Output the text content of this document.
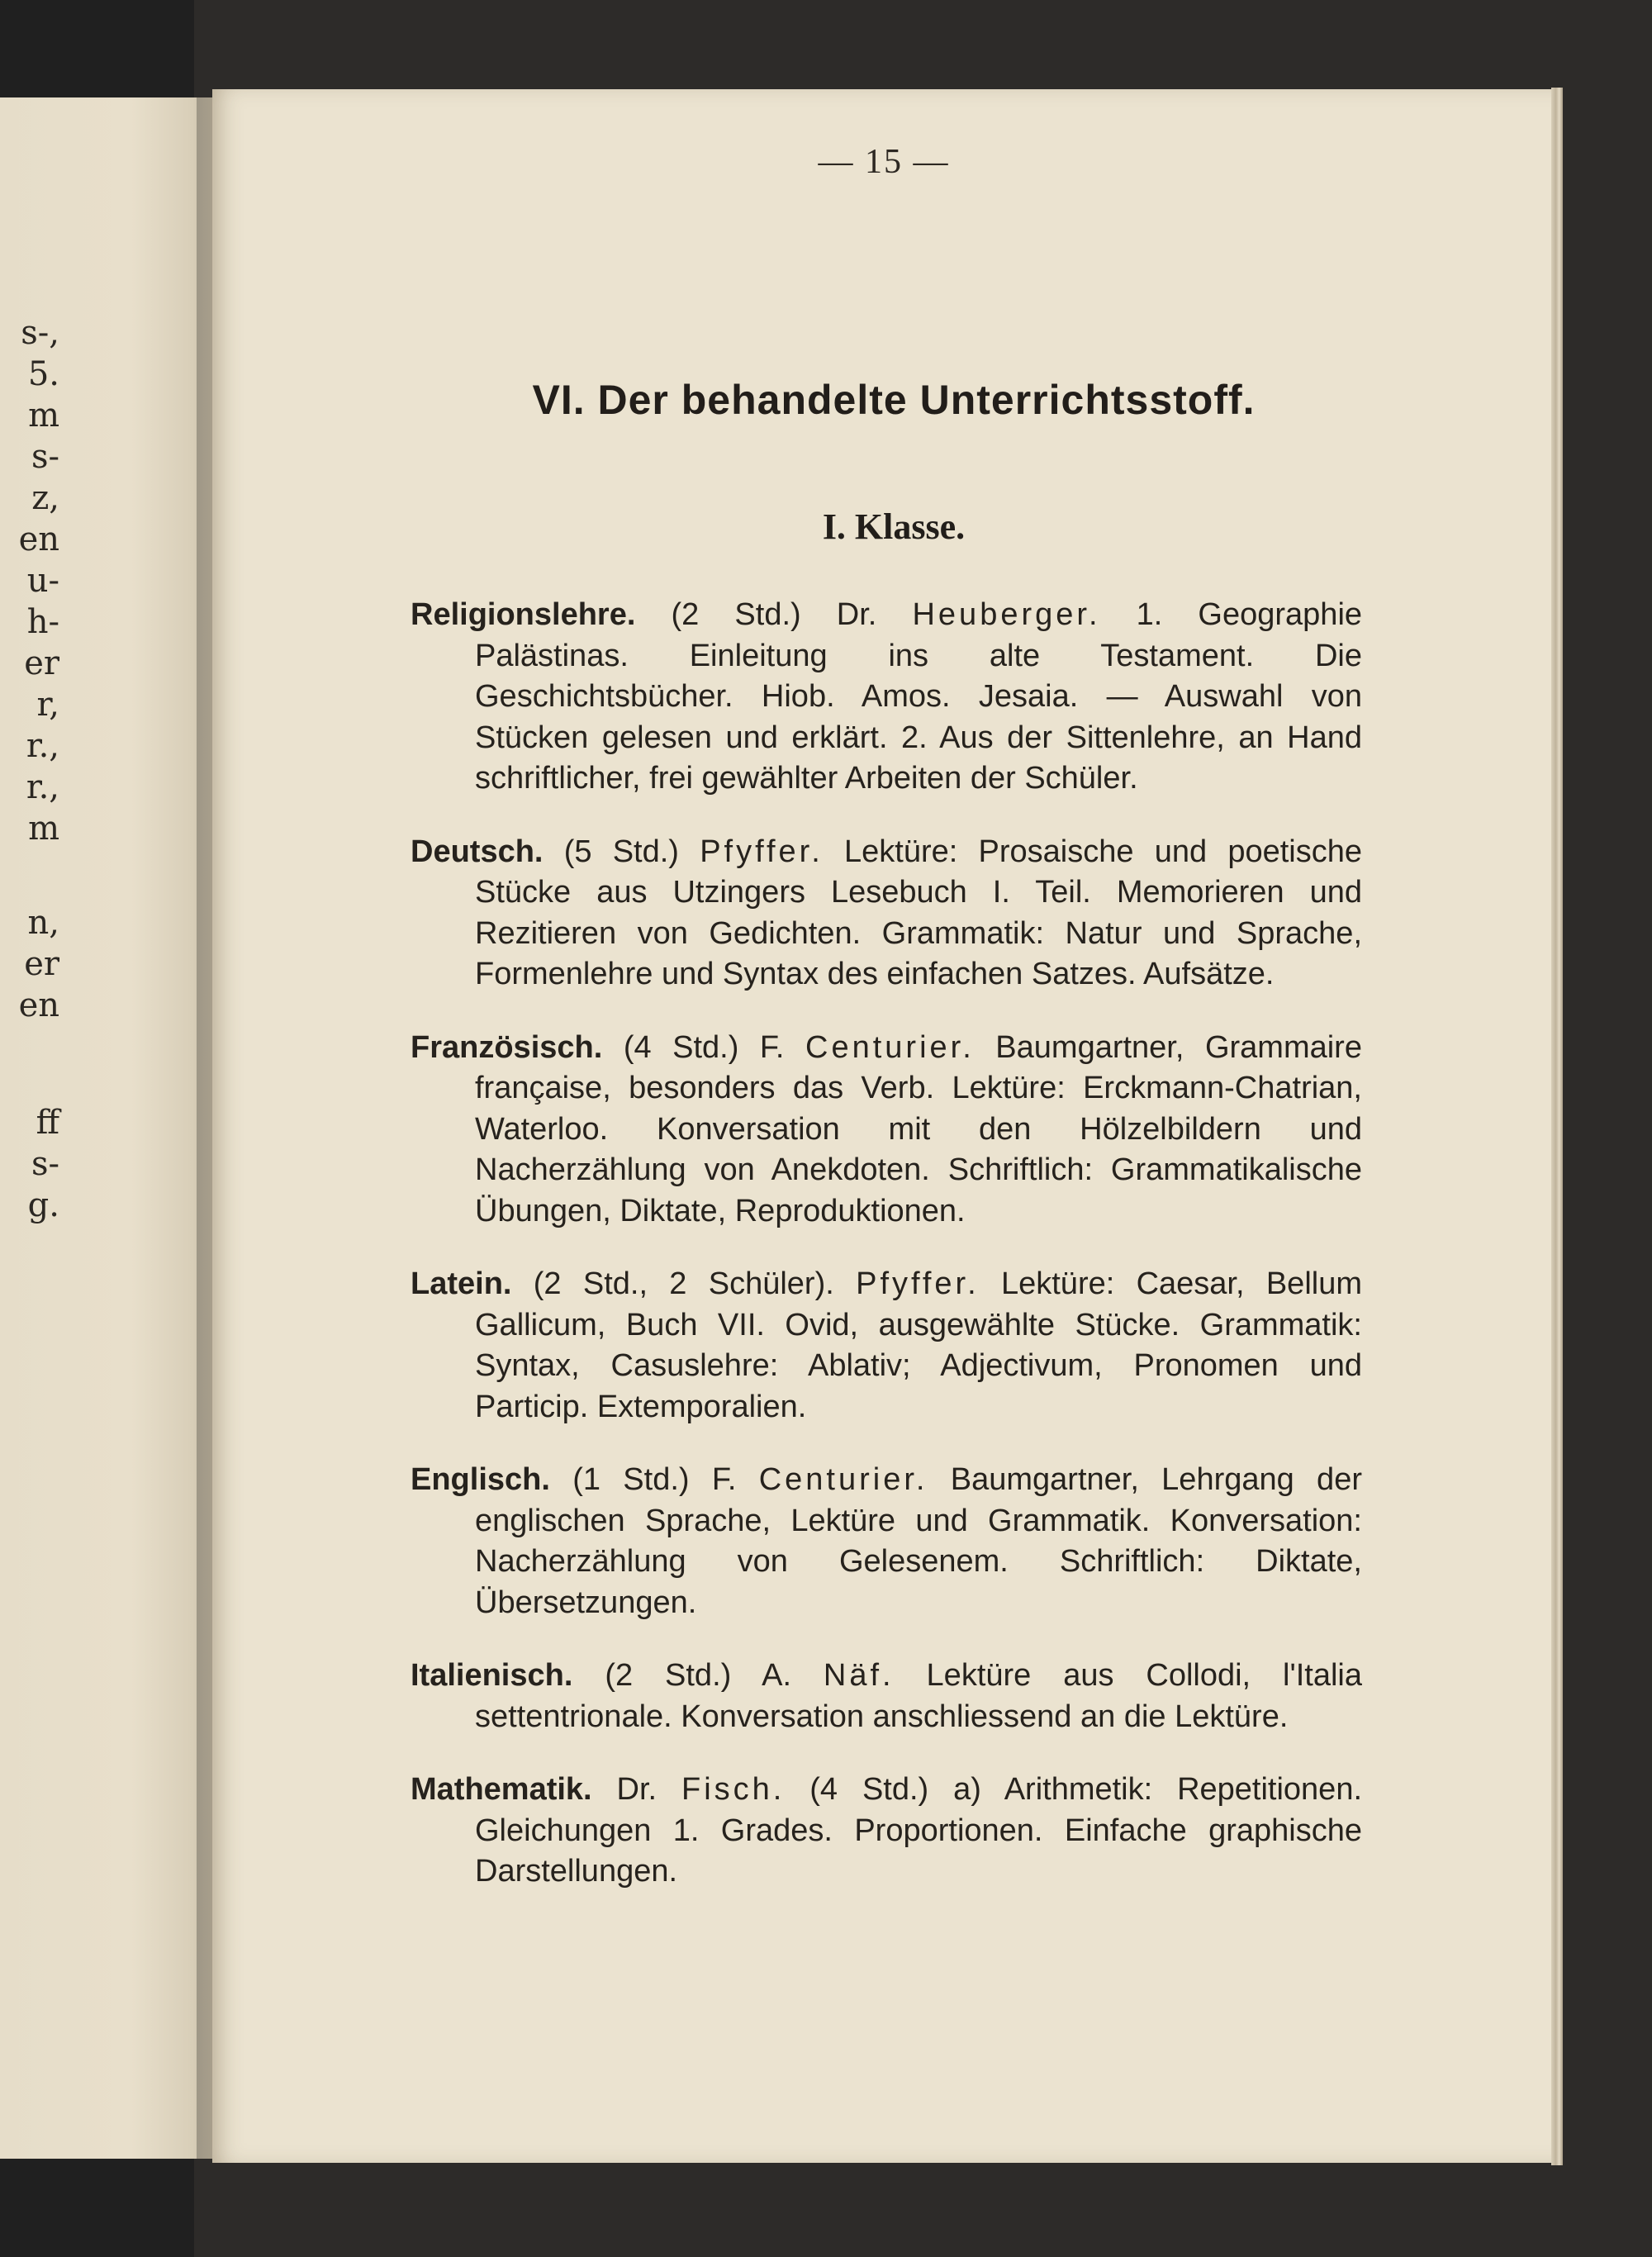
s-,
5.
m
s-
z,
en
u-
h-
er
r,
r.,
r.,
m
n,
er
en
ff
s-
g.
— 15 —
VI. Der behandelte Unterrichtsstoff.
I. Klasse.

Religionslehre. (2 Std.) Dr. Heuberger. 1. Geographie Palästinas. Einleitung ins alte Testament. Die Geschichtsbücher. Hiob. Amos. Jesaia. — Auswahl von Stücken gelesen und erklärt. 2. Aus der Sittenlehre, an Hand schriftlicher, frei gewählter Arbeiten der Schüler.

Deutsch. (5 Std.) Pfyffer. Lektüre: Prosaische und poetische Stücke aus Utzingers Lesebuch I. Teil. Memorieren und Rezitieren von Gedichten. Grammatik: Natur und Sprache, Formenlehre und Syntax des einfachen Satzes. Aufsätze.

Französisch. (4 Std.) F. Centurier. Baumgartner, Grammaire française, besonders das Verb. Lektüre: Erckmann-Chatrian, Waterloo. Konversation mit den Hölzelbildern und Nacherzählung von Anekdoten. Schriftlich: Grammatikalische Übungen, Diktate, Reproduktionen.

Latein. (2 Std., 2 Schüler). Pfyffer. Lektüre: Caesar, Bellum Gallicum, Buch VII. Ovid, ausgewählte Stücke. Grammatik: Syntax, Casuslehre: Ablativ; Adjectivum, Pronomen und Particip. Extemporalien.

Englisch. (1 Std.) F. Centurier. Baumgartner, Lehrgang der englischen Sprache, Lektüre und Grammatik. Konversation: Nacherzählung von Gelesenem. Schriftlich: Diktate, Übersetzungen.

Italienisch. (2 Std.) A. Näf. Lektüre aus Collodi, l'Italia settentrionale. Konversation anschliessend an die Lektüre.

Mathematik. Dr. Fisch. (4 Std.) a) Arithmetik: Repetitionen. Gleichungen 1. Grades. Proportionen. Einfache graphische Darstellungen.
